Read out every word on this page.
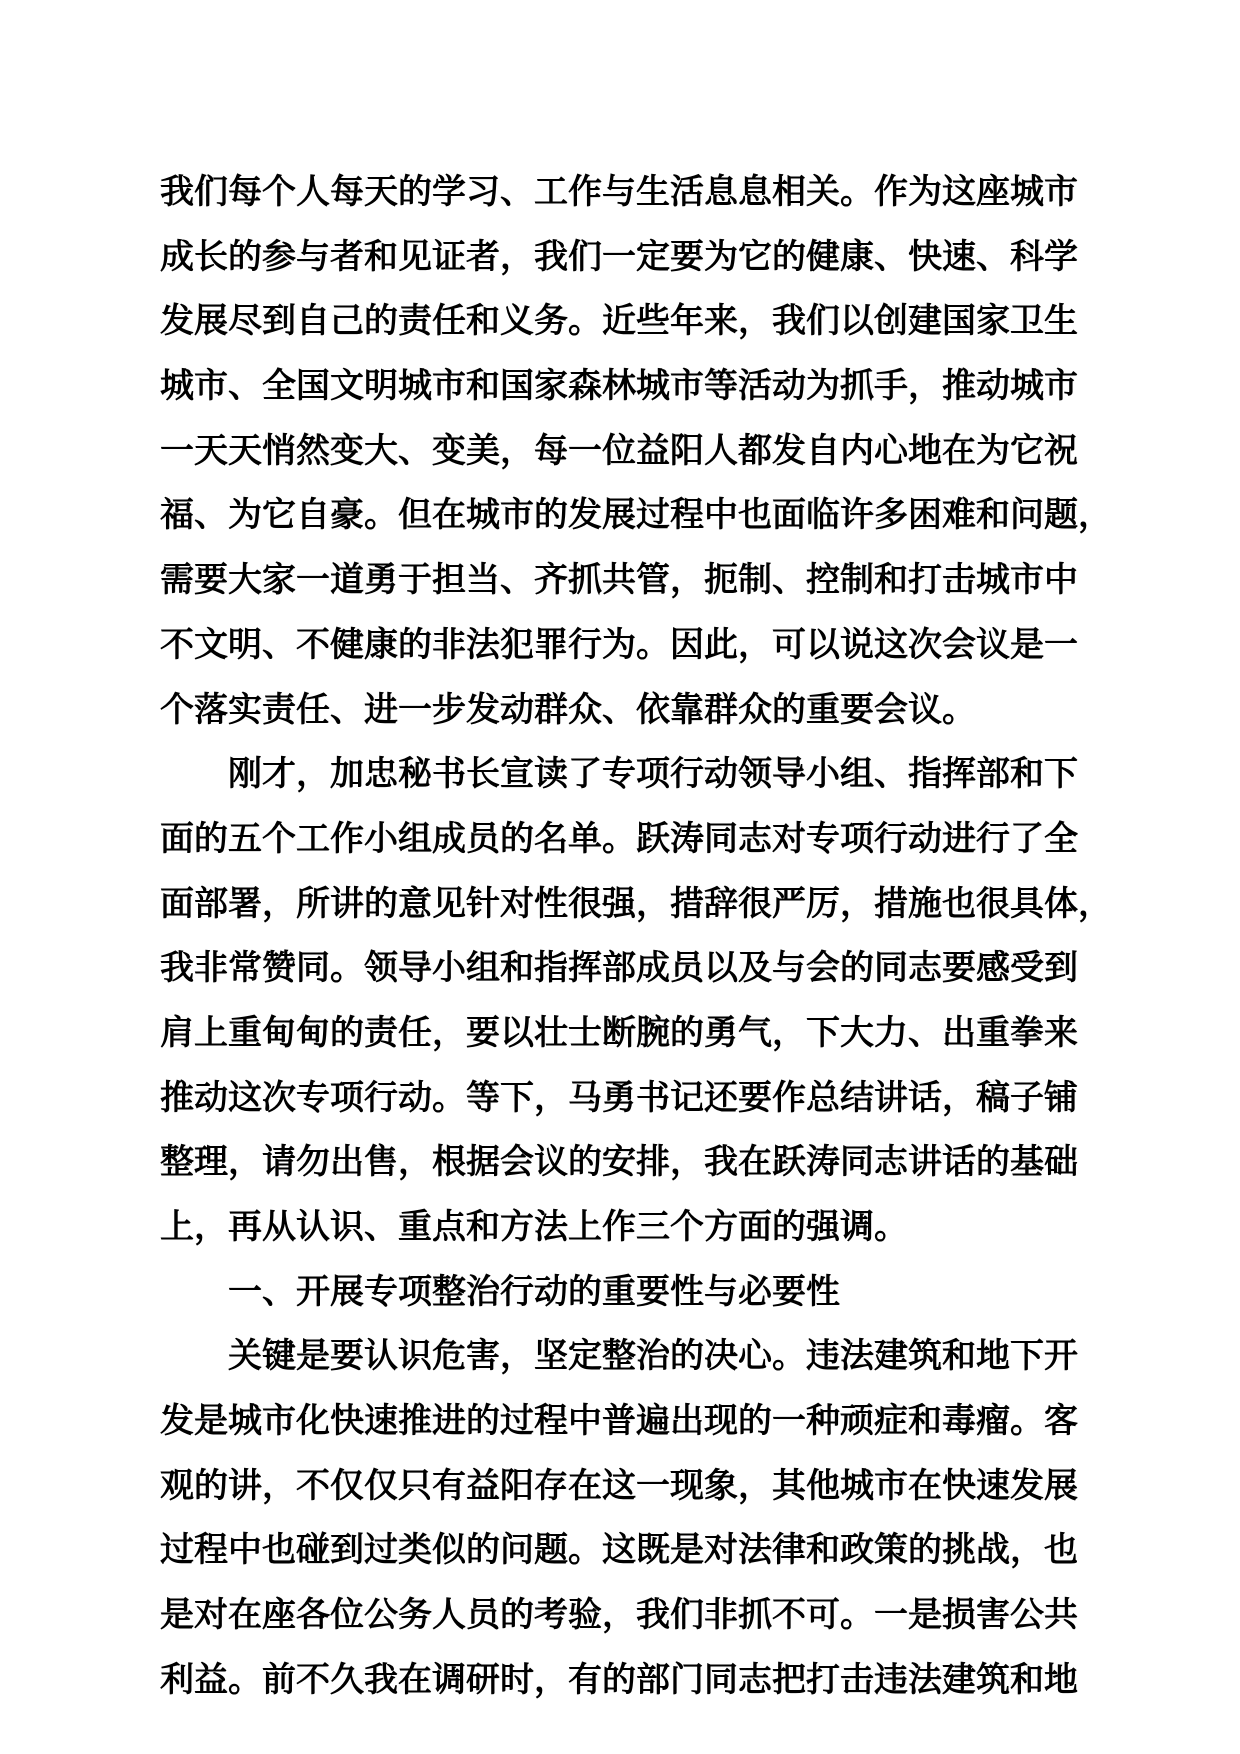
我们每个人每天的学习、工作与生活息息相关。作为这座城市
成长的参与者和见证者，我们一定要为它的健康、快速、科学
发展尽到自己的责任和义务。近些年来，我们以创建国家卫生
城市、全国文明城市和国家森林城市等活动为抓手，推动城市
一天天悄然变大、变美，每一位益阳人都发自内心地在为它祝
福、为它自豪。但在城市的发展过程中也面临许多困难和问题，
需要大家一道勇于担当、齐抓共管，扼制、控制和打击城市中
不文明、不健康的非法犯罪行为。因此，可以说这次会议是一
个落实责任、进一步发动群众、依靠群众的重要会议。
刚才，加忠秘书长宣读了专项行动领导小组、指挥部和下
面的五个工作小组成员的名单。跃涛同志对专项行动进行了全
面部署，所讲的意见针对性很强，措辞很严厉，措施也很具体，
我非常赞同。领导小组和指挥部成员以及与会的同志要感受到
肩上重甸甸的责任，要以壮士断腕的勇气，下大力、出重拳来
推动这次专项行动。等下，马勇书记还要作总结讲话，稿子铺
整理，请勿出售，根据会议的安排，我在跃涛同志讲话的基础
上，再从认识、重点和方法上作三个方面的强调。
一、开展专项整治行动的重要性与必要性
关键是要认识危害，坚定整治的决心。违法建筑和地下开
发是城市化快速推进的过程中普遍出现的一种顽症和毒瘤。客
观的讲，不仅仅只有益阳存在这一现象，其他城市在快速发展
过程中也碰到过类似的问题。这既是对法律和政策的挑战，也
是对在座各位公务人员的考验，我们非抓不可。一是损害公共
利益。前不久我在调研时，有的部门同志把打击违法建筑和地
